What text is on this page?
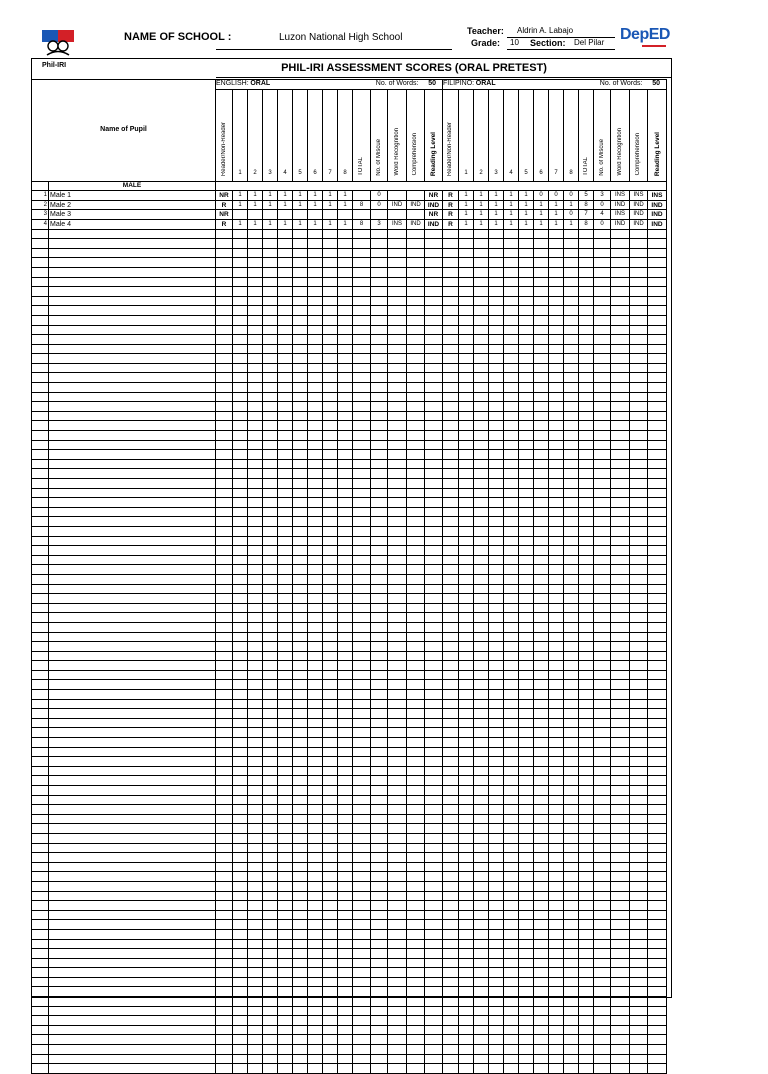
Phil-IRI
NAME OF SCHOOL :	Luzon National High School
Teacher: Aldrin A. Labajo
Grade: 10 Section: Del Pilar DepED
PHIL-IRI ASSESSMENT SCORES (ORAL PRETEST)
Name of Pupil		ENGLISH: ORAL No. of Words: 50														FILIPINO: ORAL No. of Words: 50													

		Reader/Non-Reader	1	2	3	4	5	6	7	8	TOTAL	No. of Miscue	Word Recognition	Comprehension	Reading Level	Reader/Non-Reader	1	2	3	4	5	6	7	8	TOTAL	No. of Miscue	Word Recognition	Comprehension	Reading Level
	MALE																												
1	Male 1	NR	1	1	1	1	1	1	1	1		0			NR	R	1	1	1	1	1	0	0	0	5	3	INS	INS	INS
2	Male 2	R	1	1	1	1	1	1	1	1	8	0	IND	IND	IND	R	1	1	1	1	1	1	1	1	8	0	IND	IND	IND
3	Male 3	NR													NR	R	1	1	1	1	1	1	1	0	7	4	INS	IND	IND
4	Male 4	R	1	1	1	1	1	1	1	1	8	3	INS	IND	IND	R	1	1	1	1	1	1	1	1	8	0	IND	IND	IND
